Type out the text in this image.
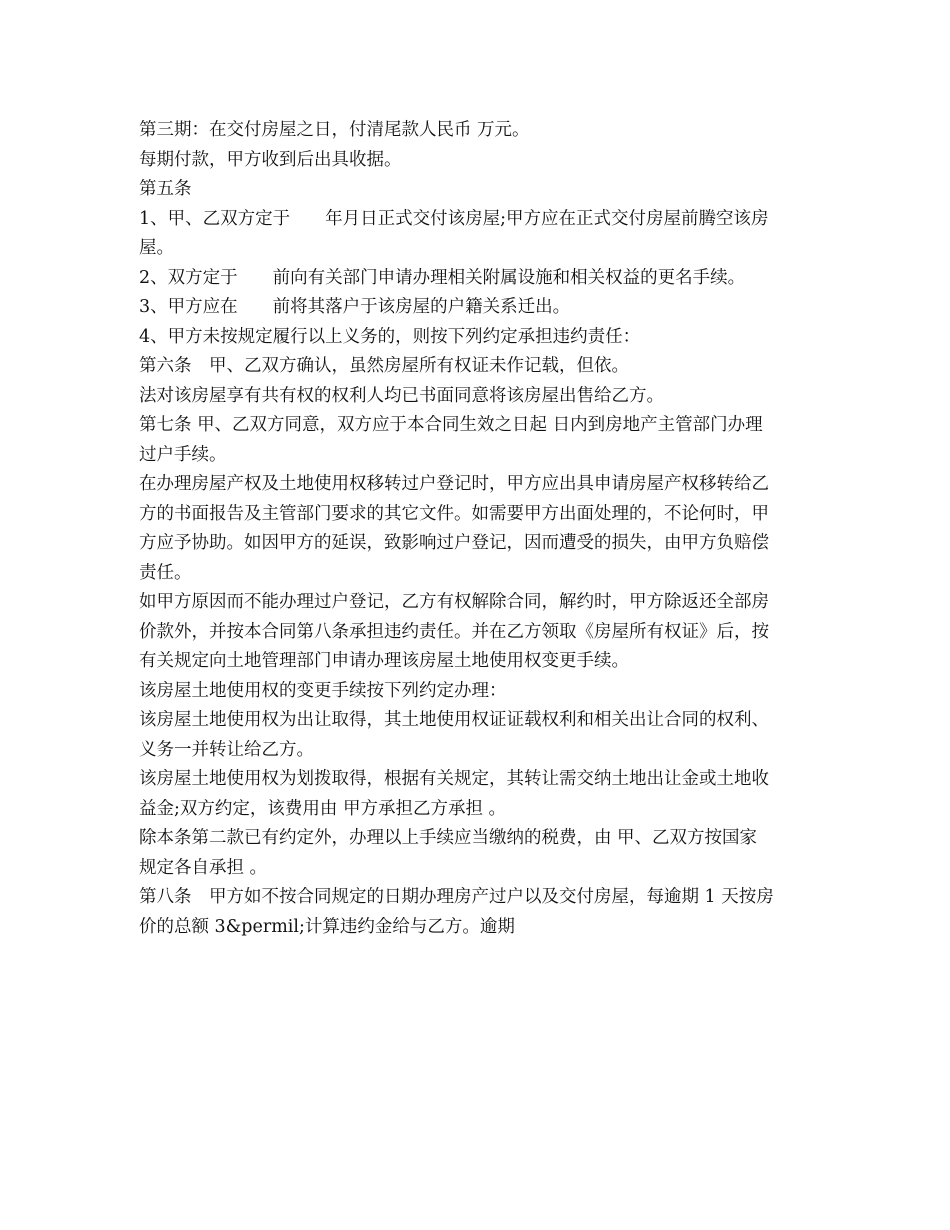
第三期：在交付房屋之日，付清尾款人民币 万元。
每期付款，甲方收到后出具收据。
第五条
1、甲、乙双方定于　　年月日正式交付该房屋;甲方应在正式交付房屋前腾空该房
屋。
2、双方定于　　前向有关部门申请办理相关附属设施和相关权益的更名手续。
3、甲方应在　　前将其落户于该房屋的户籍关系迁出。
4、甲方未按规定履行以上义务的，则按下列约定承担违约责任：
第六条　甲、乙双方确认，虽然房屋所有权证未作记载，但依。
法对该房屋享有共有权的权利人均已书面同意将该房屋出售给乙方。
第七条 甲、乙双方同意，双方应于本合同生效之日起 日内到房地产主管部门办理
过户手续。
在办理房屋产权及土地使用权移转过户登记时，甲方应出具申请房屋产权移转给乙
方的书面报告及主管部门要求的其它文件。如需要甲方出面处理的，不论何时，甲
方应予协助。如因甲方的延误，致影响过户登记，因而遭受的损失，由甲方负赔偿
责任。
如甲方原因而不能办理过户登记，乙方有权解除合同，解约时，甲方除返还全部房
价款外，并按本合同第八条承担违约责任。并在乙方领取《房屋所有权证》后，按
有关规定向土地管理部门申请办理该房屋土地使用权变更手续。
该房屋土地使用权的变更手续按下列约定办理：
该房屋土地使用权为出让取得，其土地使用权证证载权利和相关出让合同的权利、
义务一并转让给乙方。
该房屋土地使用权为划拨取得，根据有关规定，其转让需交纳土地出让金或土地收
益金;双方约定，该费用由 甲方承担乙方承担 。
除本条第二款已有约定外，办理以上手续应当缴纳的税费，由 甲、乙双方按国家
规定各自承担 。
第八条　甲方如不按合同规定的日期办理房产过户以及交付房屋，每逾期 1 天按房
价的总额 3&permil;计算违约金给与乙方。逾期
